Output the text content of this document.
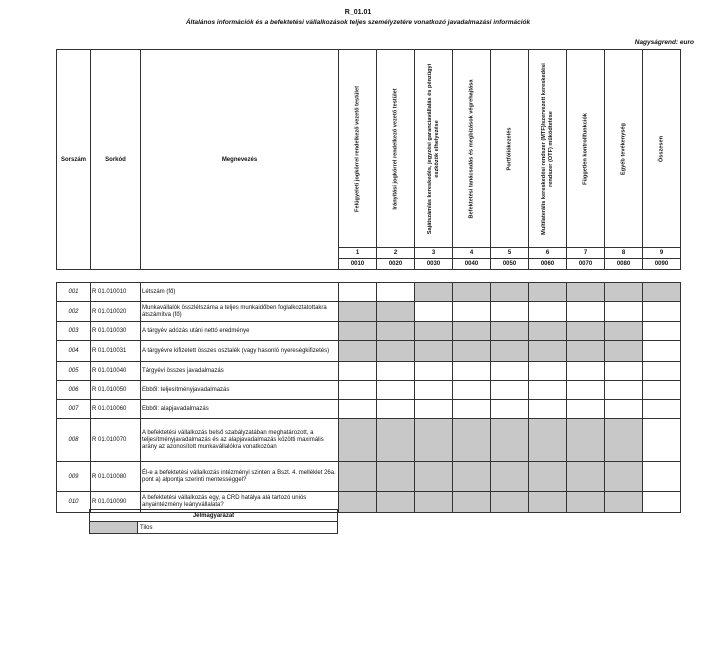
R_01.01
Általános információk és a befektetési vállalkozások teljes személyzetére vonatkozó javadalmazási információk
Nagyságrend: euro
Sorszám	Sorkód	Megnevezés	Felügyeleti jogkörrel rendelkező vezető testület	Irányítási jogkörrel rendelkező vezető testület	Sajátszámlás kereskedés, jegyzési garanciavállalás és pénzügyi eszközök elhelyezése	Befektetési tanácsadás és megbízások végrehajtása	Portfóliókezelés	Multilaterális kereskedési rendszer (MTF)/szervezett kereskedési rendszer (OTF) működtetése	Független kontrollfunkciók	Egyéb tevékenység	Összesen

			1	2	3	4	5	6	7	8	9
			0010	0020	0030	0040	0050	0060	0070	0080	0090

001	R 01.010010	Létszám (fő)									
002	R 01.010020	Munkavállalók összlétszáma a teljes munkaidőben foglalkoztatottakra átszámítva (fő)									
003	R 01.010030	A tárgyév adózás utáni nettó eredménye									
004	R 01.010031	A tárgyévre kifizetett összes osztalék (vagy hasonló nyereségkifizetés)									
005	R 01.010040	Tárgyévi összes javadalmazás									
006	R 01.010050	Ebből: teljesítményjavadalmazás									
007	R 01.010060	Ebből: alapjavadalmazás									
008	R 01.010070	A befektetési vállalkozás belső szabályzatában meghatározott, a teljesítményjavadalmazás és az alapjavadalmazás közötti maximális arány az azonosított munkavállalókra vonatkozóan									
009	R 01.010080	Él-e a befektetési vállalkozás intézményi szinten a Bszt. 4. melléklet 26a. pont a) alpontja szerinti mentességgel?									
010	R 01.010090	A befektetési vállalkozás egy, a CRD hatálya alá tartozó uniós anyaintézmény leányvállalata?									
Jelmagyarázat
	Tilos
